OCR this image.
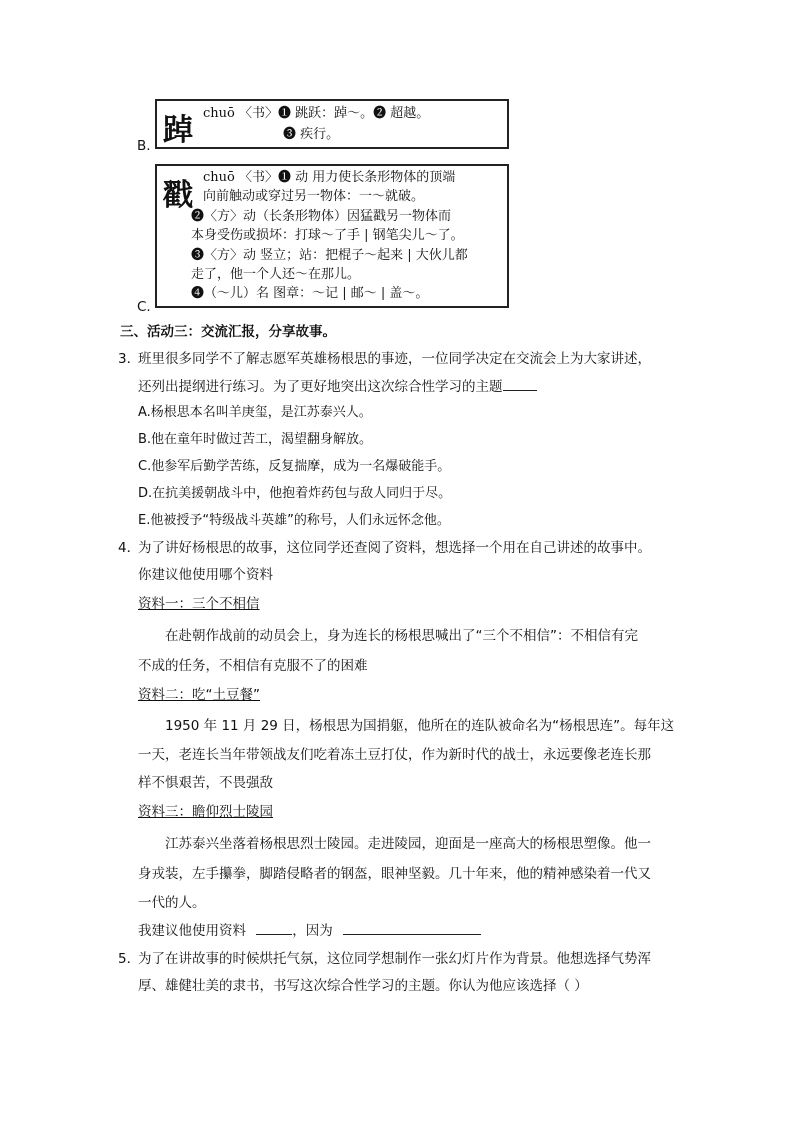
B. 踔 chuō 〈书〉❶ 跳跃：踔～。❷ 超越。
❸ 疾行。
C.
戳
chuō 〈书〉❶ 动 用力使长条形物体的顶端
向前触动或穿过另一物体：一～就破。
❷〈方〉动（长条形物体）因猛戳另一物体而
本身受伤或损坏：打球～了手 | 钢笔尖儿～了。
❸〈方〉动 竖立；站：把棍子～起来 | 大伙儿都
走了，他一个人还～在那儿。
❹（～儿）名 图章：～记 | 邮～ | 盖～。
三、活动三：交流汇报，分享故事。
3．
班里很多同学不了解志愿军英雄杨根思的事迹，一位同学决定在交流会上为大家讲述，
还列出提纲进行练习。为了更好地突出这次综合性学习的主题
A.杨根思本名叫羊庚玺，是江苏泰兴人。
B.他在童年时做过苦工，渴望翻身解放。
C.他参军后勤学苦练，反复揣摩，成为一名爆破能手。
D.在抗美援朝战斗中，他抱着炸药包与敌人同归于尽。
E.他被授予“特级战斗英雄”的称号，人们永远怀念他。
4．
为了讲好杨根思的故事，这位同学还查阅了资料，想选择一个用在自己讲述的故事中。
你建议他使用哪个资料
资料一：三个不相信
在赴朝作战前的动员会上，身为连长的杨根思喊出了“三个不相信”：不相信有完
不成的任务，不相信有克服不了的困难
资料二：吃“土豆餐”
1950 年 11 月 29 日，杨根思为国捐躯，他所在的连队被命名为“杨根思连”。每年这
一天，老连长当年带领战友们吃着冻土豆打仗，作为新时代的战士，永远要像老连长那
样不惧艰苦，不畏强敌
资料三：瞻仰烈士陵园
江苏泰兴坐落着杨根思烈士陵园。走进陵园，迎面是一座高大的杨根思塑像。他一
身戎装，左手攥拳，脚踏侵略者的钢盔，眼神坚毅。几十年来，他的精神感染着一代又
一代的人。
我建议他使用资料	，因为
5．
为了在讲故事的时候烘托气氛，这位同学想制作一张幻灯片作为背景。他想选择气势浑
厚、雄健壮美的隶书，书写这次综合性学习的主题。你认为他应该选择（ ）
